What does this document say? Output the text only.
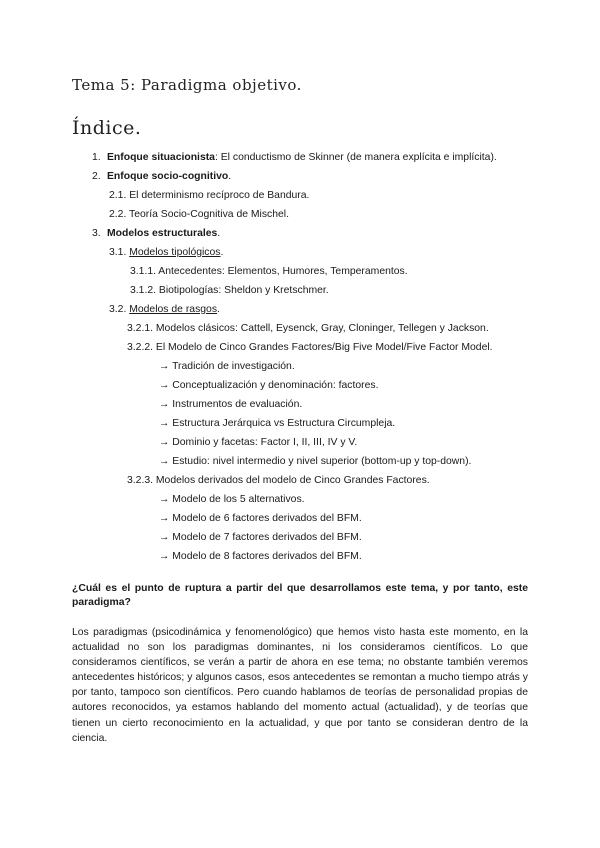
Tema 5: Paradigma objetivo.
Índice.
1. Enfoque situacionista: El conductismo de Skinner (de manera explícita e implícita).
2. Enfoque socio-cognitivo.
2.1. El determinismo recíproco de Bandura.
2.2. Teoría Socio-Cognitiva de Mischel.
3. Modelos estructurales.
3.1. Modelos tipológicos.
3.1.1. Antecedentes: Elementos, Humores, Temperamentos.
3.1.2. Biotipologías: Sheldon y Kretschmer.
3.2. Modelos de rasgos.
3.2.1. Modelos clásicos: Cattell, Eysenck, Gray, Cloninger, Tellegen y Jackson.
3.2.2. El Modelo de Cinco Grandes Factores/Big Five Model/Five Factor Model.
→ Tradición de investigación.
→ Conceptualización y denominación: factores.
→ Instrumentos de evaluación.
→ Estructura Jerárquica vs Estructura Circumpleja.
→ Dominio y facetas: Factor I, II, III, IV y V.
→ Estudio: nivel intermedio y nivel superior (bottom-up y top-down).
3.2.3. Modelos derivados del modelo de Cinco Grandes Factores.
→ Modelo de los 5 alternativos.
→ Modelo de 6 factores derivados del BFM.
→ Modelo de 7 factores derivados del BFM.
→ Modelo de 8 factores derivados del BFM.
¿Cuál es el punto de ruptura a partir del que desarrollamos este tema, y por tanto, este paradigma?
Los paradigmas (psicodinámica y fenomenológico) que hemos visto hasta este momento, en la actualidad no son los paradigmas dominantes, ni los consideramos científicos. Lo que consideramos científicos, se verán a partir de ahora en ese tema; no obstante también veremos antecedentes históricos; y algunos casos, esos antecedentes se remontan a mucho tiempo atrás y por tanto, tampoco son científicos. Pero cuando hablamos de teorías de personalidad propias de autores reconocidos, ya estamos hablando del momento actual (actualidad), y de teorías que tienen un cierto reconocimiento en la actualidad, y que por tanto se consideran dentro de la ciencia.
